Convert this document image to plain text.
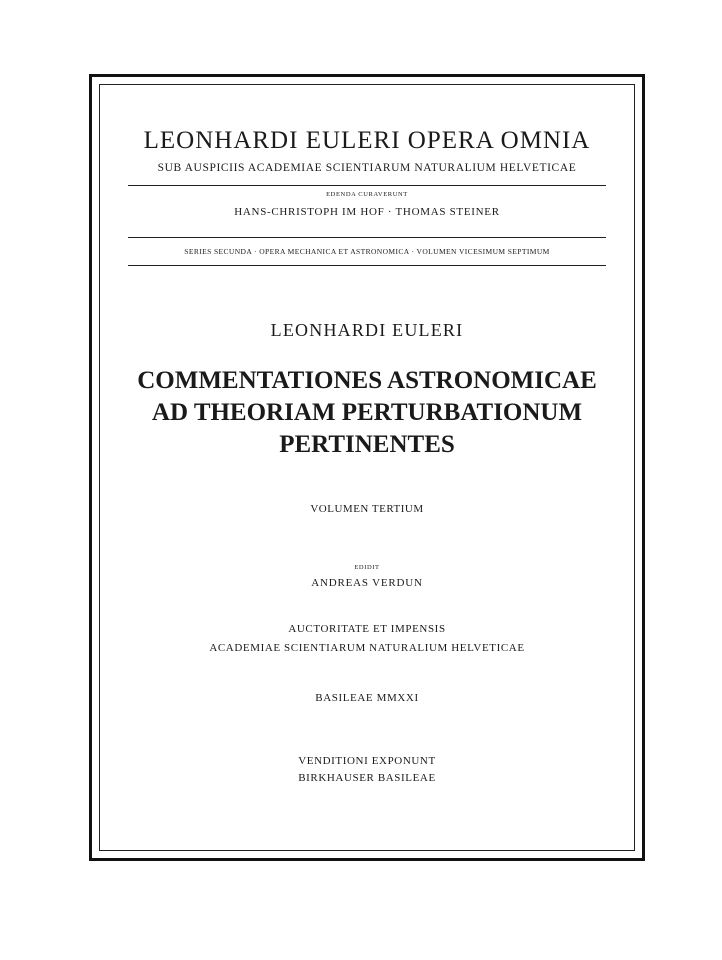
LEONHARDI EULERI OPERA OMNIA
SUB AUSPICIIS ACADEMIAE SCIENTIARUM NATURALIUM HELVETICAE
EDENDA CURAVERUNT
HANS-CHRISTOPH IM HOF · THOMAS STEINER
SERIES SECUNDA · OPERA MECHANICA ET ASTRONOMICA · VOLUMEN VICESIMUM SEPTIMUM
LEONHARDI EULERI
COMMENTATIONES ASTRONOMICAE
AD THEORIAM PERTURBATIONUM
PERTINENTES
VOLUMEN TERTIUM
EDIDIT
ANDREAS VERDUN
AUCTORITATE ET IMPENSIS
ACADEMIAE SCIENTIARUM NATURALIUM HELVETICAE
BASILEAE MMXXI
VENDITIONI EXPONUNT
BIRKHAUSER BASILEAE
